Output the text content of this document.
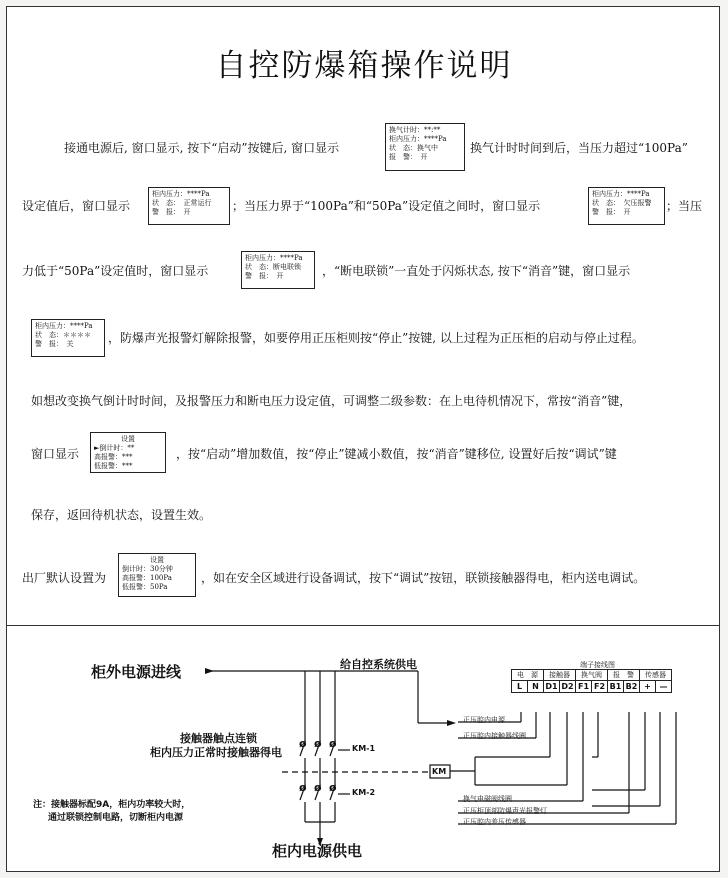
自控防爆箱操作说明
接通电源后, 窗口显示, 按下“启动”按键后, 窗口显示
换气计时：**:**
柜内压力：****Pa
状　态：换气中
报　警：　开
换气计时时间到后，当压力超过“100Pa”
设定值后，窗口显示
柜内压力：****Pa
状　态：　正常运行
警　报：　开	；当压力界于“100Pa”和“50Pa”设定值之间时，窗口显示
柜内压力：****Pa
状　态：　欠压报警
警　报：　开	；当压
力低于“50Pa”设定值时，窗口显示
柜内压力：****Pa
状　态：断电联锁
警　报：　开	，“断电联锁”一直处于闪烁状态, 按下“消音”键，窗口显示
柜内压力：****Pa
状　态：＊＊＊＊
警　报：　关	，防爆声光报警灯解除报警，如要停用正压柜则按“停止”按键, 以上过程为正压柜的启动与停止过程。
如想改变换气倒计时时间，及报警压力和断电压力设定值，可调整二级参数：在上电待机情况下，常按“消音”键，
窗口显示
设置
►倒计时：**
高报警：***
低报警：***
，按“启动”增加数值，按“停止”键减小数值，按“消音”键移位, 设置好后按“调试”键
保存，返回待机状态，设置生效。
出厂默认设置为
设置
倒计时：30分钟
高报警：100Pa
低报警：50Pa
，如在安全区域进行设备调试，按下“调试”按钮，联锁接触器得电，柜内送电调试。
ø ø ø
ø ø ø
柜外电源进线	给自控系统供电
接触器触点连锁
柜内压力正常时接触器得电	KM-1
KM-2
KM
注：接触器标配9A，柜内功率较大时，
通过联锁控制电路，切断柜内电源
柜内电源供电
端子接线图
电　源		接触器		换气阀		报　警		传感器	
L	N	D1	D2	F1	F2	B1	B2	+	—
正压腔内电源
正压腔内接触器线圈
换气电磁阀线圈
正压柜顶部防爆声光报警灯
正压腔内差压传感器
